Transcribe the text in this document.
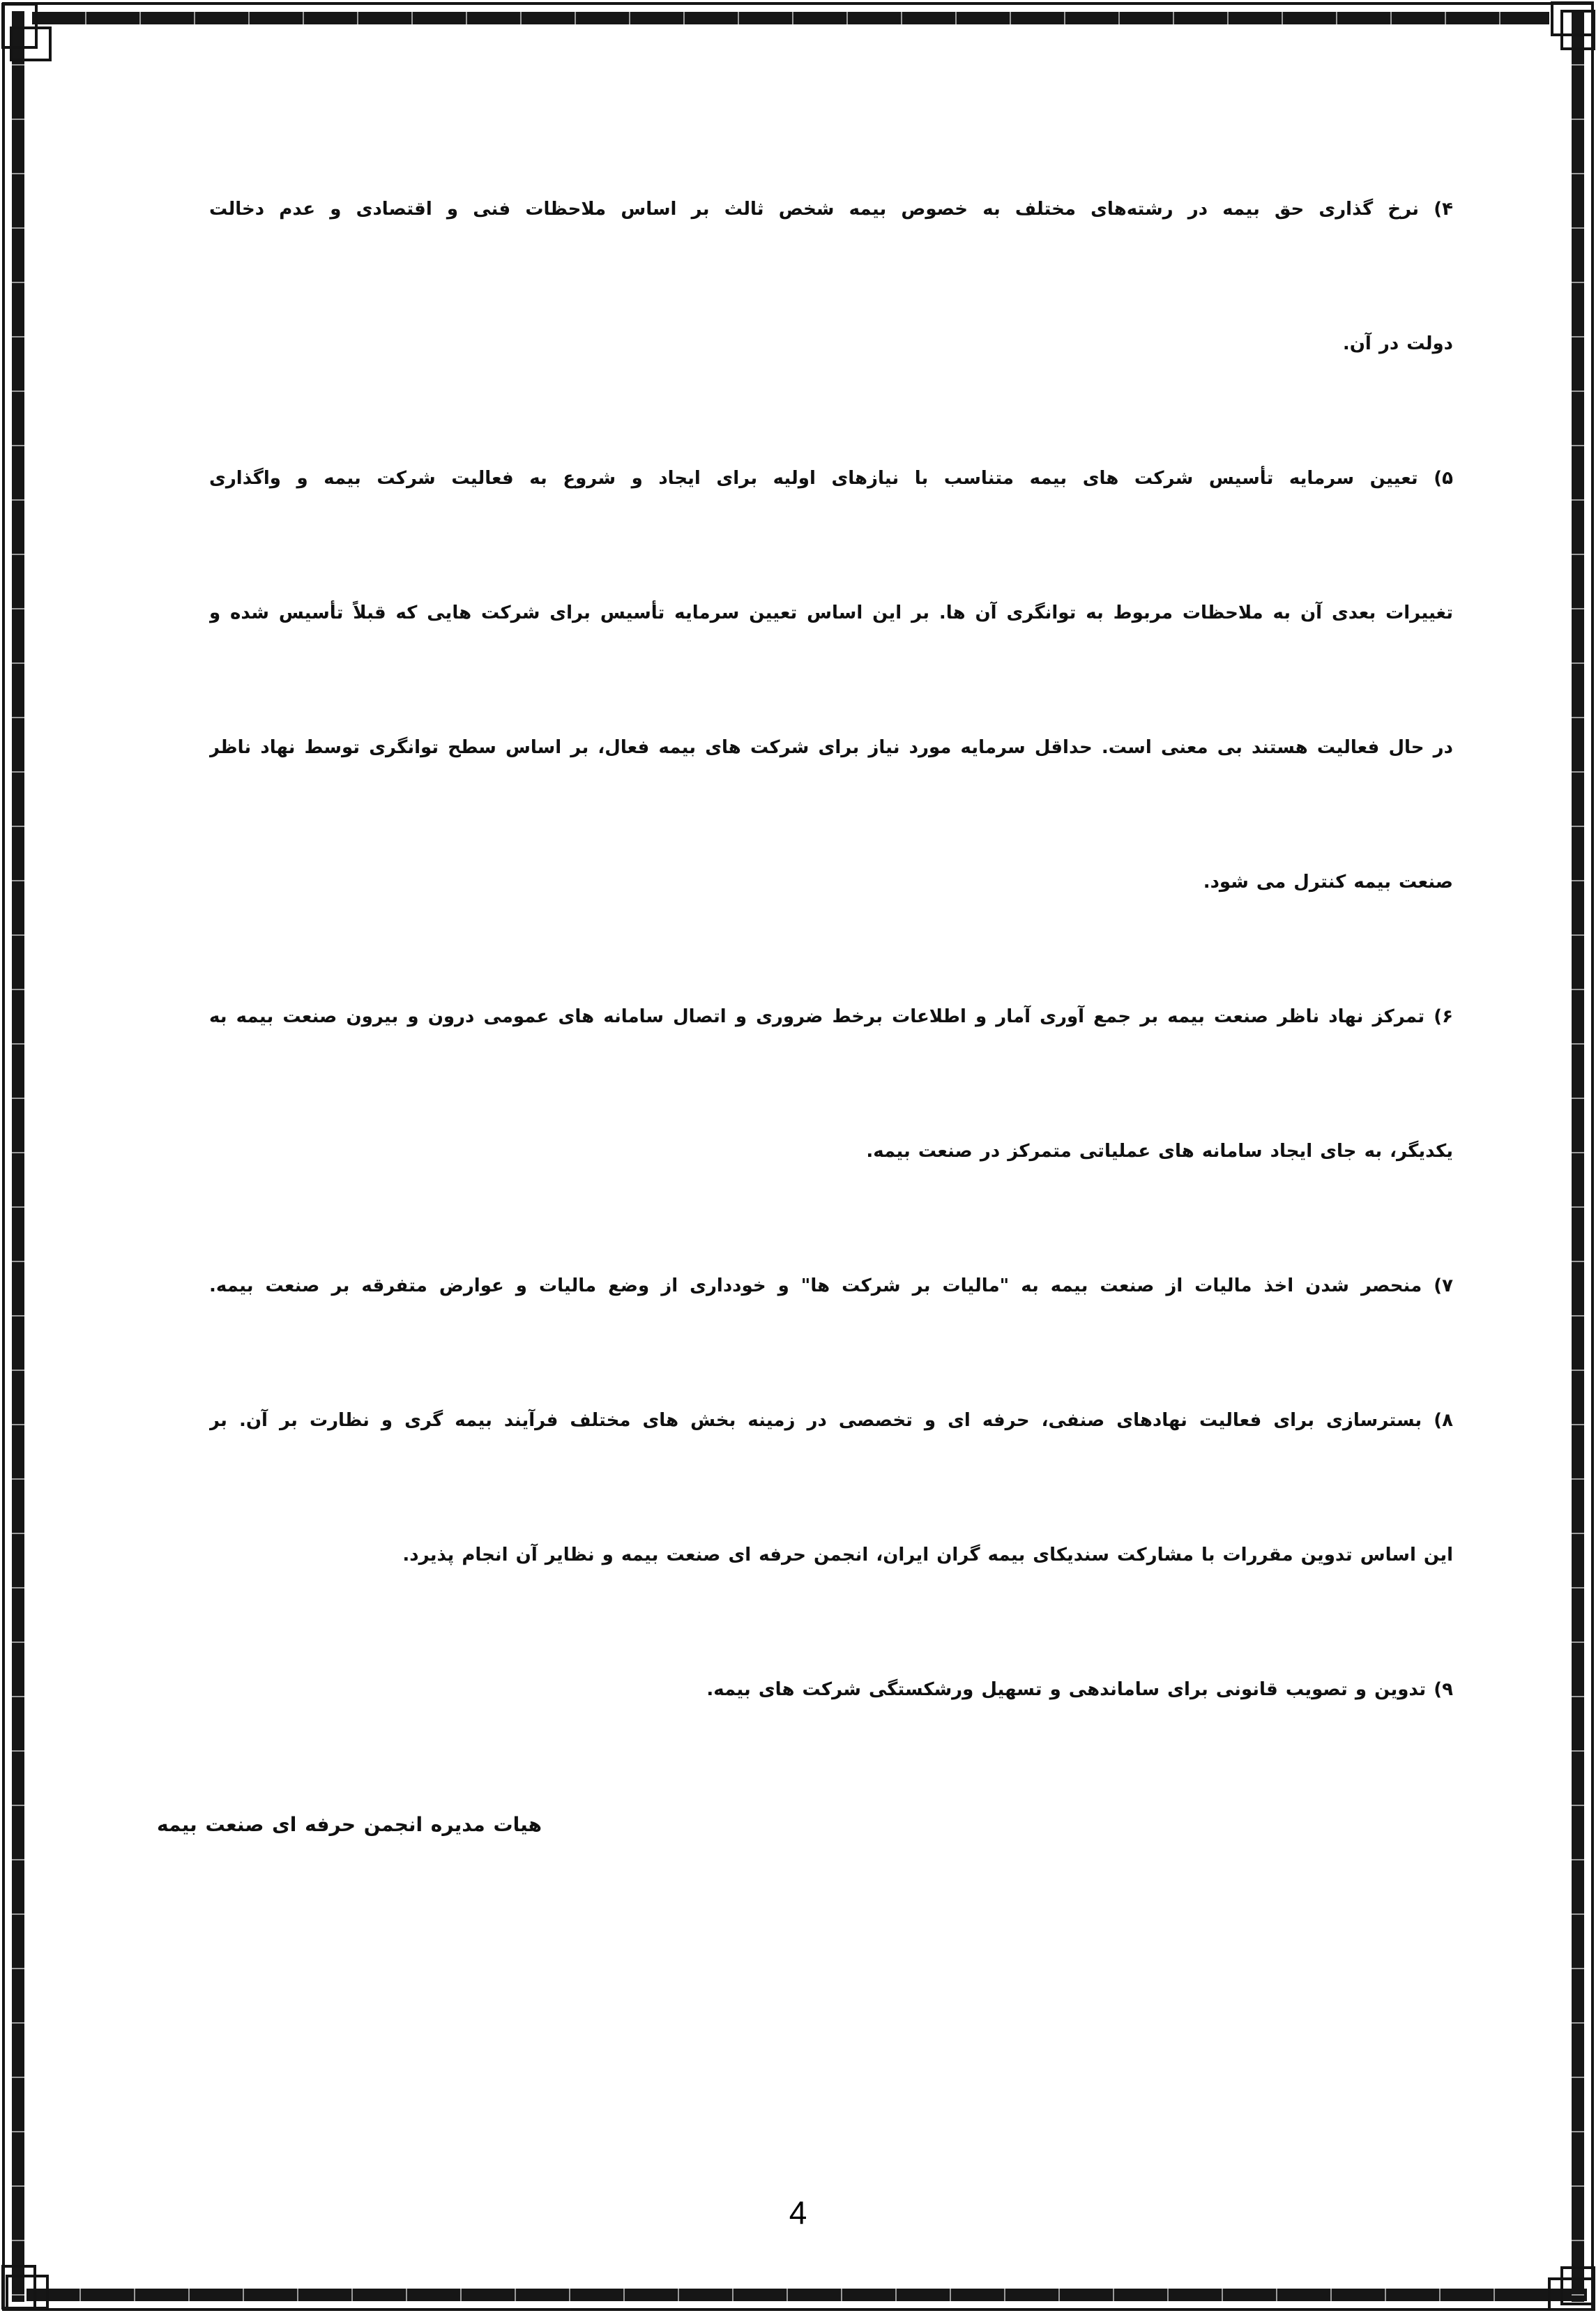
۴) نرخ گذاری حق بیمه در رشته‌های مختلف به خصوص بیمه شخص ثالث بر اساس ملاحظات فنی و اقتصادی و عدم دخالت

دولت در آن.

۵) تعیین سرمایه تأسیس شرکت های بیمه متناسب با نیازهای اولیه برای ایجاد و شروع به فعالیت شرکت بیمه و واگذاری

تغییرات بعدی آن به ملاحظات مربوط به توانگری آن ها. بر این اساس تعیین سرمایه تأسیس برای شرکت هایی که قبلاً تأسیس شده و

در حال فعالیت هستند بی معنی است. حداقل سرمایه مورد نیاز برای شرکت های بیمه فعال، بر اساس سطح توانگری توسط نهاد ناظر

صنعت بیمه کنترل می شود.

۶) تمرکز نهاد ناظر صنعت بیمه بر جمع آوری آمار و اطلاعات برخط ضروری و اتصال سامانه های عمومی درون و بیرون صنعت بیمه به

یکدیگر، به جای ایجاد سامانه های عملیاتی متمرکز در صنعت بیمه.

۷) منحصر شدن اخذ مالیات از صنعت بیمه به "مالیات بر شرکت ها" و خودداری از وضع مالیات و عوارض متفرقه بر صنعت بیمه.

۸) بسترسازی برای فعالیت نهادهای صنفی، حرفه ای و تخصصی در زمینه بخش های مختلف فرآیند بیمه گری و نظارت بر آن. بر

این اساس تدوین مقررات با مشارکت سندیکای بیمه گران ایران، انجمن حرفه ای صنعت بیمه و نظایر آن انجام پذیرد.

۹) تدوین و تصویب قانونی برای ساماندهی و تسهیل ورشکستگی شرکت های بیمه.

هیات مدیره انجمن حرفه ای صنعت بیمه

4
